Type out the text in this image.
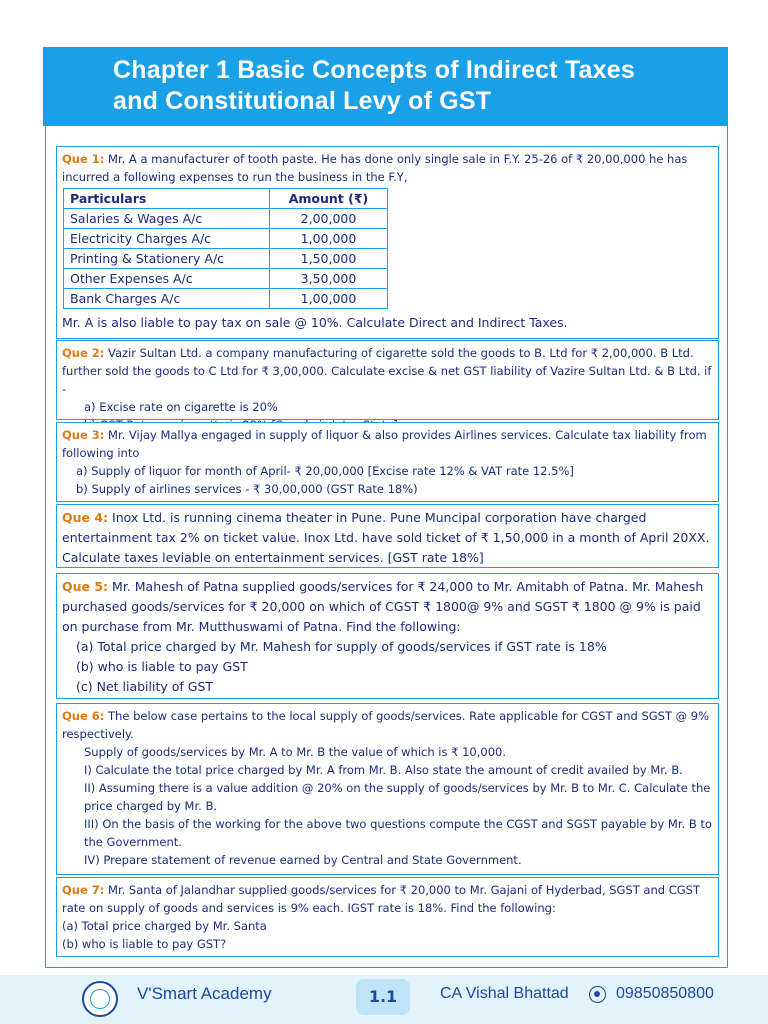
Chapter 1 Basic Concepts of Indirect Taxes
and Constitutional Levy of GST
Que 1: Mr. A a manufacturer of tooth paste. He has done only single sale in F.Y. 25-26 of ₹ 20,00,000 he has incurred a following expenses to run the business in the F.Y,
Particulars	Amount (₹)
Salaries & Wages A/c	2,00,000
Electricity Charges A/c	1,00,000
Printing & Stationery A/c	1,50,000
Other Expenses A/c	3,50,000
Bank Charges A/c	1,00,000
Mr. A is also liable to pay tax on sale @ 10%. Calculate Direct and Indirect Taxes.
Que 2: Vazir Sultan Ltd. a company manufacturing of cigarette sold the goods to B. Ltd for ₹ 2,00,000. B Ltd. further sold the goods to C Ltd for ₹ 3,00,000. Calculate excise & net GST liability of Vazire Sultan Ltd. & B Ltd. if -
a) Excise rate on cigarette is 20%
Que 3: Mr. Vijay Mallya engaged in supply of liquor & also provides Airlines services. Calculate tax liability from following into
a) Supply of liquor for month of April- ₹ 20,00,000 [Excise rate 12% & VAT rate 12.5%]
b) Supply of airlines services - ₹ 30,00,000 (GST Rate 18%)
Que 4: Inox Ltd. is running cinema theater in Pune. Pune Muncipal corporation have charged entertainment tax 2% on ticket value. Inox Ltd. have sold ticket of ₹ 1,50,000 in a month of April 20XX. Calculate taxes leviable on entertainment services. [GST rate 18%]
Que 5: Mr. Mahesh of Patna supplied goods/services for ₹ 24,000 to Mr. Amitabh of Patna. Mr. Mahesh purchased goods/services for ₹ 20,000 on which of CGST ₹ 1800@ 9% and SGST ₹ 1800 @ 9% is paid on purchase from Mr. Mutthuswami of Patna. Find the following:
(a) Total price charged by Mr. Mahesh for supply of goods/services if GST rate is 18%
(b) who is liable to pay GST
(c) Net liability of GST
Que 6: The below case pertains to the local supply of goods/services. Rate applicable for CGST and SGST @ 9% respectively.
Supply of goods/services by Mr. A to Mr. B the value of which is ₹ 10,000.
I) Calculate the total price charged by Mr. A from Mr. B. Also state the amount of credit availed by Mr. B.
II) Assuming there is a value addition @ 20% on the supply of goods/services by Mr. B to Mr. C. Calculate the price charged by Mr. B.
III) On the basis of the working for the above two questions compute the CGST and SGST payable by Mr. B to the Government.
IV) Prepare statement of revenue earned by Central and State Government.
Que 7: Mr. Santa of Jalandhar supplied goods/services for ₹ 20,000 to Mr. Gajani of Hyderbad, SGST and CGST rate on supply of goods and services is 9% each. IGST rate is 18%. Find the following:
(a) Total price charged by Mr. Santa
(b) who is liable to pay GST?
V'Smart Academy	1.1	CA Vishal Bhattad	09850850800
